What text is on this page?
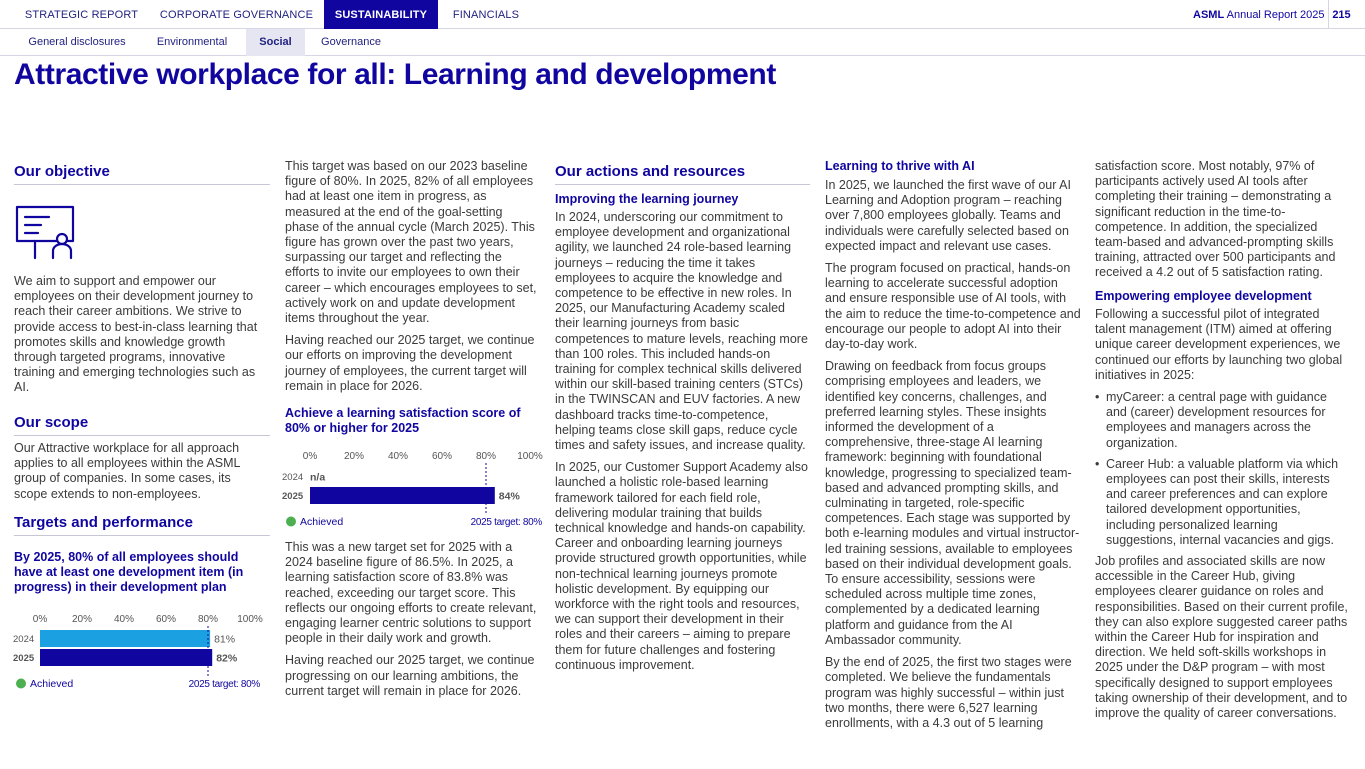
STRATEGIC REPORT	CORPORATE GOVERNANCE	SUSTAINABILITY	FINANCIALS	ASML Annual Report 2025 215
General disclosures	Environmental	Social	Governance
Attractive workplace for all: Learning and development
Our objective
We aim to support and empower our employees on their development journey to reach their career ambitions. We strive to provide access to best-in-class learning that promotes skills and knowledge growth through targeted programs, innovative training and emerging technologies such as AI.
Our scope
Our Attractive workplace for all approach applies to all employees within the ASML group of companies. In some cases, its scope extends to non-employees.
Targets and performance
By 2025, 80% of all employees should have at least one development item (in progress) in their development plan
0% 20% 40% 60% 80% 100%
2024	81%
2025	82%
Achieved	2025 target: 80%

This target was based on our 2023 baseline figure of 80%. In 2025, 82% of all employees had at least one item in progress, as measured at the end of the goal-setting phase of the annual cycle (March 2025). This figure has grown over the past two years, surpassing our target and reflecting the efforts to invite our employees to own their career – which encourages employees to set, actively work on and update development items throughout the year.

Having reached our 2025 target, we continue our efforts on improving the development journey of employees, the current target will remain in place for 2026.

Achieve a learning satisfaction score of 80% or higher for 2025
0%	20% 40% 60% 80% 100%
2024 n/a
2025	84%
Achieved	2025 target: 80%

This was a new target set for 2025 with a 2024 baseline figure of 86.5%. In 2025, a learning satisfaction score of 83.8% was reached, exceeding our target score. This reflects our ongoing efforts to create relevant, engaging learner centric solutions to support people in their daily work and growth.

Having reached our 2025 target, we continue progressing on our learning ambitions, the current target will remain in place for 2026.

Our actions and resources
Improving the learning journey

In 2024, underscoring our commitment to employee development and organizational agility, we launched 24 role-based learning journeys – reducing the time it takes employees to acquire the knowledge and competence to be effective in new roles. In 2025, our Manufacturing Academy scaled their learning journeys from basic competences to mature levels, reaching more than 100 roles. This included hands-on training for complex technical skills delivered within our skill-based training centers (STCs) in the TWINSCAN and EUV factories. A new dashboard tracks time-to-competence, helping teams close skill gaps, reduce cycle times and safety issues, and increase quality.

In 2025, our Customer Support Academy also launched a holistic role-based learning framework tailored for each field role, delivering modular training that builds technical knowledge and hands-on capability. Career and onboarding learning journeys provide structured growth opportunities, while non-technical learning journeys promote holistic development. By equipping our workforce with the right tools and resources, we can support their development in their roles and their careers – aiming to prepare them for future challenges and fostering continuous improvement.

Learning to thrive with AI

In 2025, we launched the first wave of our AI Learning and Adoption program – reaching over 7,800 employees globally. Teams and individuals were carefully selected based on expected impact and relevant use cases.

The program focused on practical, hands-on learning to accelerate successful adoption and ensure responsible use of AI tools, with the aim to reduce the time-to-competence and encourage our people to adopt AI into their day-to-day work.

Drawing on feedback from focus groups comprising employees and leaders, we identified key concerns, challenges, and preferred learning styles. These insights informed the development of a comprehensive, three-stage AI learning framework: beginning with foundational knowledge, progressing to specialized team-based and advanced prompting skills, and culminating in targeted, role-specific competences. Each stage was supported by both e-learning modules and virtual instructor-led training sessions, available to employees based on their individual development goals. To ensure accessibility, sessions were scheduled across multiple time zones, complemented by a dedicated learning platform and guidance from the AI Ambassador community.

By the end of 2025, the first two stages were completed. We believe the fundamentals program was highly successful – within just two months, there were 6,527 learning enrollments, with a 4.3 out of 5 learning

satisfaction score. Most notably, 97% of participants actively used AI tools after completing their training – demonstrating a significant reduction in the time-to-competence. In addition, the specialized team-based and advanced-prompting skills training, attracted over 500 participants and received a 4.2 out of 5 satisfaction rating.

Empowering employee development

Following a successful pilot of integrated talent management (ITM) aimed at offering unique career development experiences, we continued our efforts by launching two global initiatives in 2025:

• myCareer: a central page with guidance and (career) development resources for employees and managers across the organization.
• Career Hub: a valuable platform via which employees can post their skills, interests and career preferences and can explore tailored development opportunities, including personalized learning suggestions, internal vacancies and gigs.

Job profiles and associated skills are now accessible in the Career Hub, giving employees clearer guidance on roles and responsibilities. Based on their current profile, they can also explore suggested career paths within the Career Hub for inspiration and direction. We held soft-skills workshops in 2025 under the D&P program – with most specifically designed to support employees taking ownership of their development, and to improve the quality of career conversations.
